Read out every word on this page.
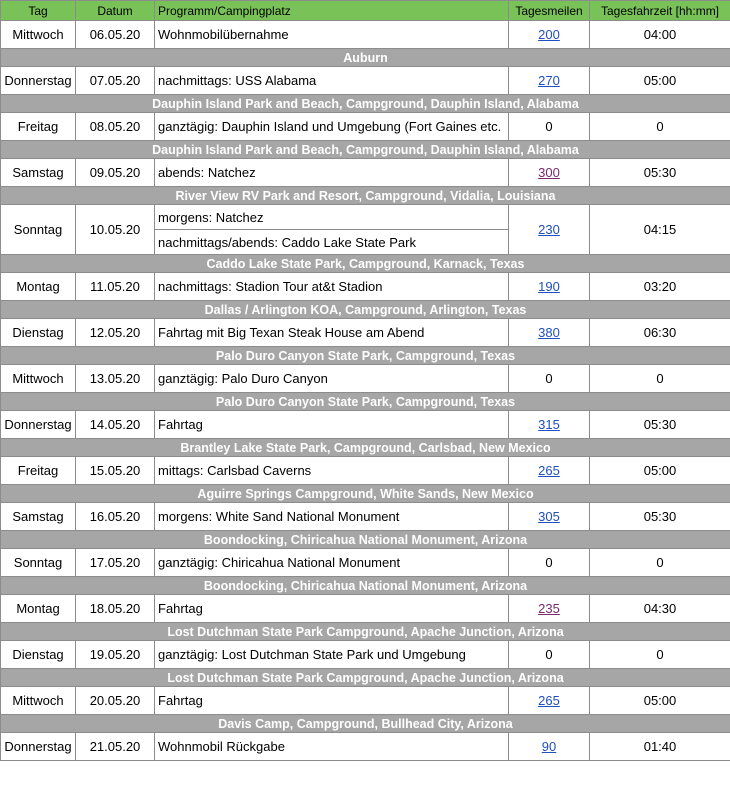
Tag	Datum	Programm/Campingplatz	Tagesmeilen	Tagesfahrzeit [hh:mm]
Mittwoch	06.05.20	Wohnmobilübernahme	200	04:00
Auburn				
Donnerstag	07.05.20	nachmittags: USS Alabama	270	05:00
Dauphin Island Park and Beach, Campground, Dauphin Island, Alabama				
Freitag	08.05.20	ganztägig: Dauphin Island und Umgebung (Fort Gaines etc.	0	0
Dauphin Island Park and Beach, Campground, Dauphin Island, Alabama				
Samstag	09.05.20	abends: Natchez	300	05:30
River View RV Park and Resort, Campground, Vidalia, Louisiana				
Sonntag	10.05.20	morgens: Natchez	230	04:15
		nachmittags/abends: Caddo Lake State Park		
Caddo Lake State Park, Campground, Karnack, Texas				
Montag	11.05.20	nachmittags: Stadion Tour at&t Stadion	190	03:20
Dallas / Arlington KOA, Campground, Arlington, Texas				
Dienstag	12.05.20	Fahrtag mit Big Texan Steak House am Abend	380	06:30
Palo Duro Canyon State Park, Campground, Texas				
Mittwoch	13.05.20	ganztägig: Palo Duro Canyon	0	0
Palo Duro Canyon State Park, Campground, Texas				
Donnerstag	14.05.20	Fahrtag	315	05:30
Brantley Lake State Park, Campground, Carlsbad, New Mexico				
Freitag	15.05.20	mittags: Carlsbad Caverns	265	05:00
Aguirre Springs Campground, White Sands, New Mexico				
Samstag	16.05.20	morgens: White Sand National Monument	305	05:30
Boondocking, Chiricahua National Monument, Arizona				
Sonntag	17.05.20	ganztägig: Chiricahua National Monument	0	0
Boondocking, Chiricahua National Monument, Arizona				
Montag	18.05.20	Fahrtag	235	04:30
Lost Dutchman State Park Campground, Apache Junction, Arizona				
Dienstag	19.05.20	ganztägig: Lost Dutchman State Park und Umgebung	0	0
Lost Dutchman State Park Campground, Apache Junction, Arizona				
Mittwoch	20.05.20	Fahrtag	265	05:00
Davis Camp, Campground, Bullhead City, Arizona				
Donnerstag	21.05.20	Wohnmobil Rückgabe	90	01:40
